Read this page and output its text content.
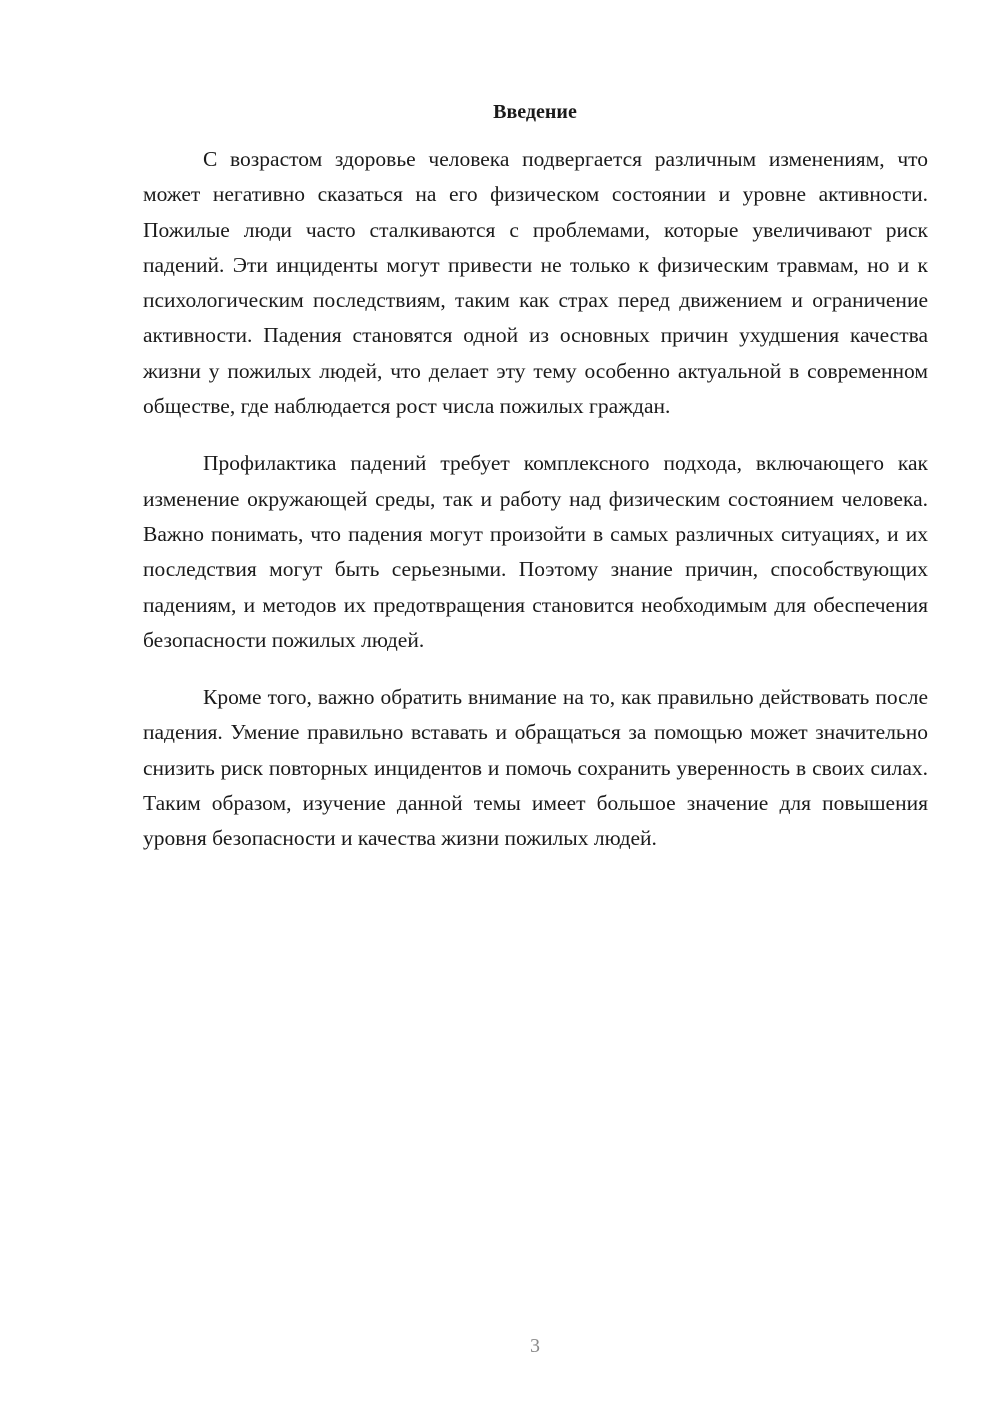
Введение

С возрастом здоровье человека подвергается различным изменениям, что может негативно сказаться на его физическом состоянии и уровне активности. Пожилые люди часто сталкиваются с проблемами, которые увеличивают риск падений. Эти инциденты могут привести не только к физическим травмам, но и к психологическим последствиям, таким как страх перед движением и ограничение активности. Падения становятся одной из основных причин ухудшения качества жизни у пожилых людей, что делает эту тему особенно актуальной в современном обществе, где наблюдается рост числа пожилых граждан.

Профилактика падений требует комплексного подхода, включающего как изменение окружающей среды, так и работу над физическим состоянием человека. Важно понимать, что падения могут произойти в самых различных ситуациях, и их последствия могут быть серьезными. Поэтому знание причин, способствующих падениям, и методов их предотвращения становится необходимым для обеспечения безопасности пожилых людей.

Кроме того, важно обратить внимание на то, как правильно действовать после падения. Умение правильно вставать и обращаться за помощью может значительно снизить риск повторных инцидентов и помочь сохранить уверенность в своих силах. Таким образом, изучение данной темы имеет большое значение для повышения уровня безопасности и качества жизни пожилых людей.

3
